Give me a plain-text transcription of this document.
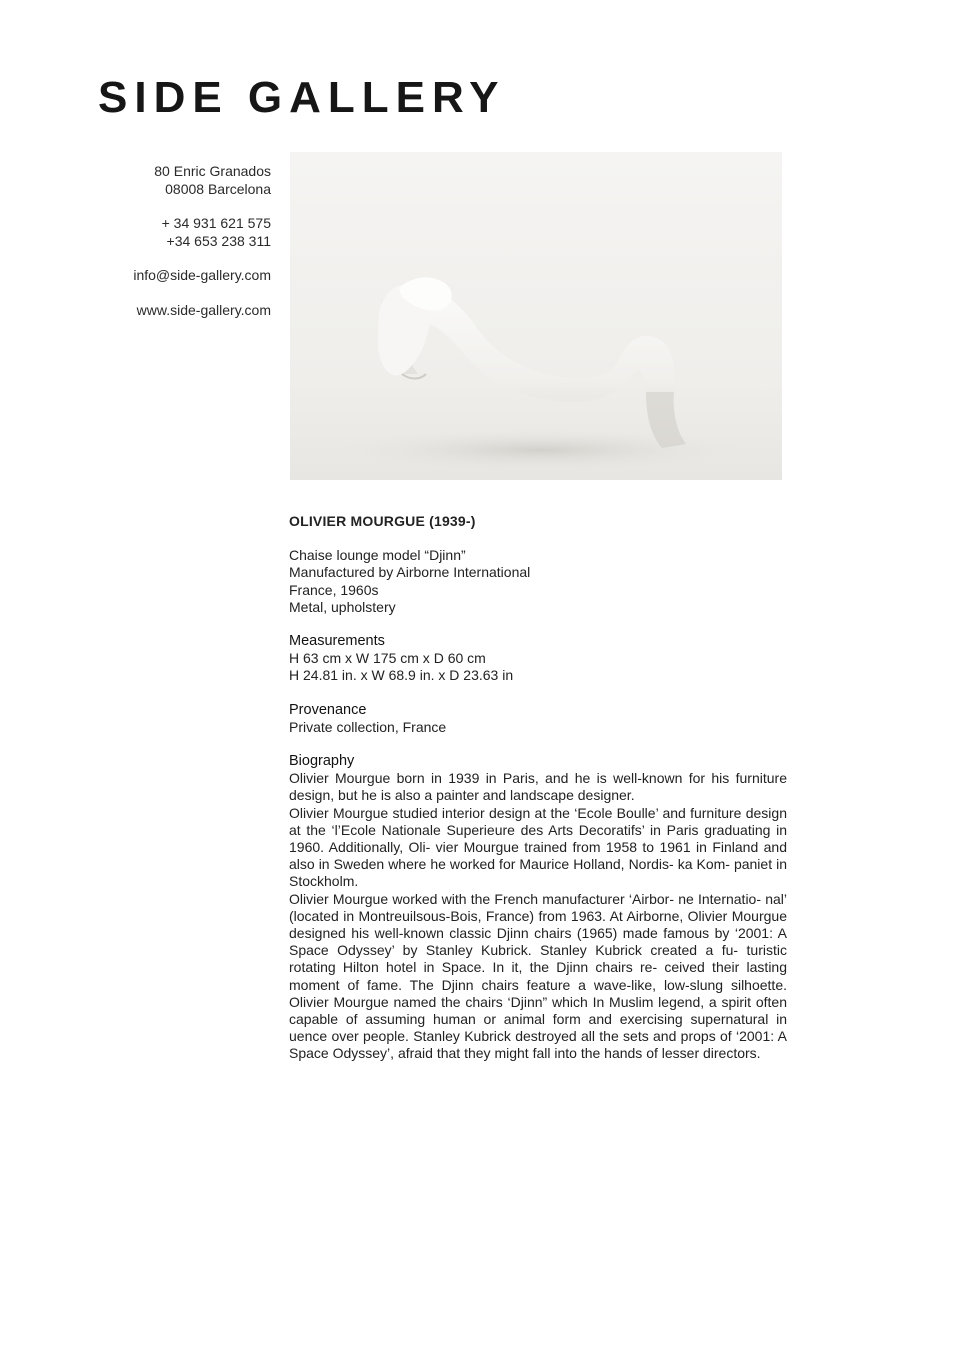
SIDE GALLERY
80 Enric Granados
08008 Barcelona
+ 34 931 621 575
+34 653 238 311
info@side-gallery.com
www.side-gallery.com
OLIVIER MOURGUE (1939-)
Chaise lounge model “Djinn”
Manufactured by Airborne International
France, 1960s
Metal, upholstery
Measurements
H 63 cm x W 175 cm x D 60 cm
H 24.81 in. x W 68.9 in. x D 23.63 in
Provenance
Private collection, France
Biography

Olivier Mourgue born in 1939 in Paris, and he is well-known for his furniture design, but he is also a painter and landscape designer.

Olivier Mourgue studied interior design at the ‘Ecole Boulle’ and furniture design at the ‘l’Ecole Nationale Superieure des Arts Decoratifs’ in Paris graduating in 1960. Additionally, Oli- vier Mourgue trained from 1958 to 1961 in Finland and also in Sweden where he worked for Maurice Holland, Nordis- ka Kom- paniet in Stockholm.

Olivier Mourgue worked with the French manufacturer ‘Airbor- ne Internatio- nal’ (located in Montreuilsous-Bois, France) from 1963. At Airborne, Olivier Mourgue designed his well-known classic Djinn chairs (1965) made famous by ‘2001: A Space Odyssey’ by Stanley Kubrick. Stanley Kubrick created a fu- turistic rotating Hilton hotel in Space. In it, the Djinn chairs re- ceived their lasting moment of fame. The Djinn chairs feature a wave-like, low-slung silhoette. Olivier Mourgue named the chairs ‘Djinn” which In Muslim legend, a spirit often capable of assuming human or animal form and exercising supernatural in uence over people. Stanley Kubrick destroyed all the sets and props of ‘2001: A Space Odyssey’, afraid that they might fall into the hands of lesser directors.
